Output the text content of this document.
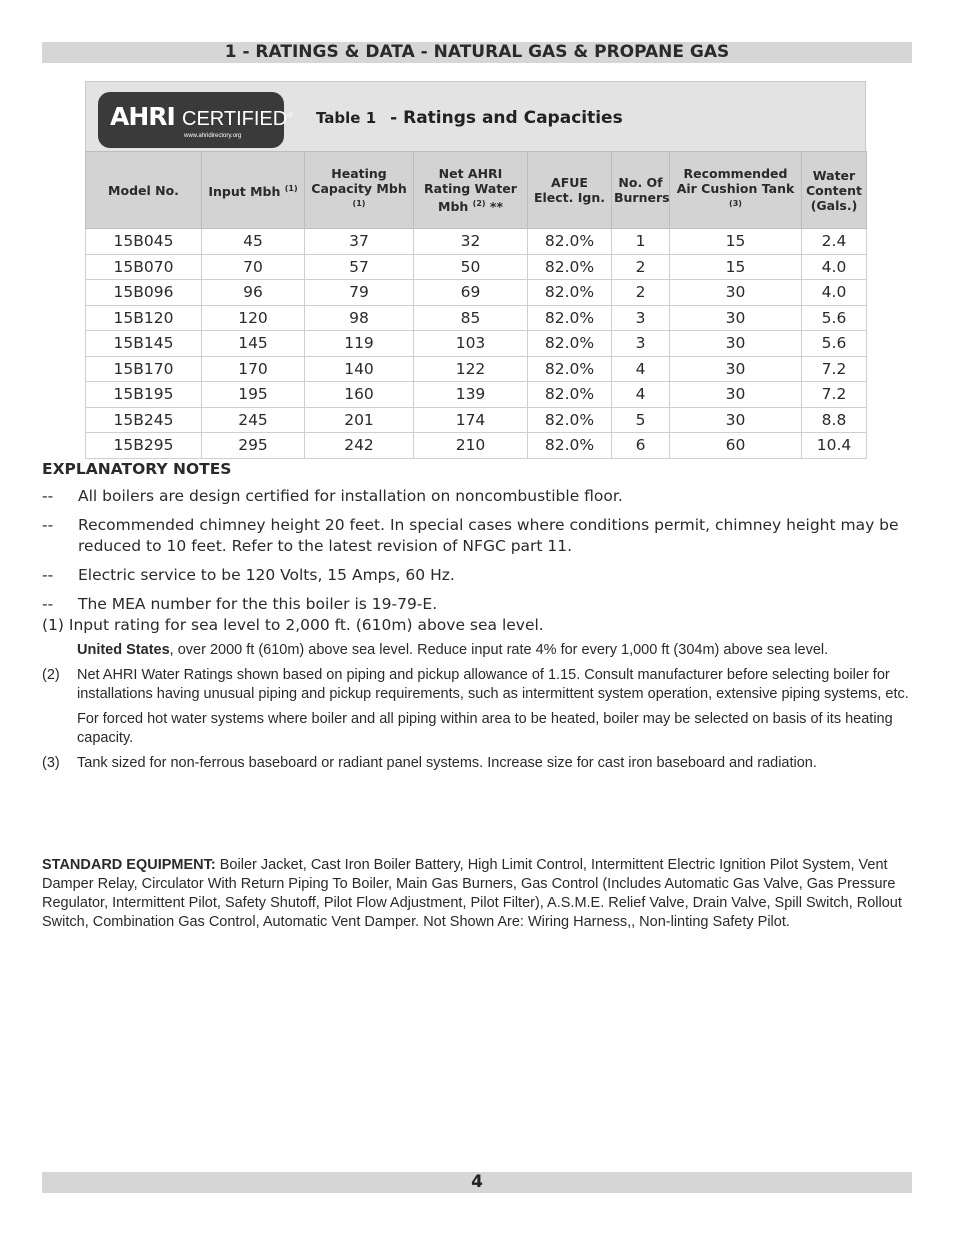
1 - RATINGS & DATA - NATURAL GAS & PROPANE GAS
AHRI CERTIFIED®
www.ahridirectory.org
Table 1 - Ratings and Capacities
Model No.	Input Mbh $^{(1)}$	Heating Capacity Mbh $^{(1)}$	Net AHRI Rating Water Mbh $^{(2)}$ **	AFUE Elect. Ign.	No. Of Burners	Recommended Air Cushion Tank $^{(3)}$	Water Content (Gals.)
15B045	45	37	32	82.0%	1	15	2.4
15B070	70	57	50	82.0%	2	15	4.0
15B096	96	79	69	82.0%	2	30	4.0
15B120	120	98	85	82.0%	3	30	5.6
15B145	145	119	103	82.0%	3	30	5.6
15B170	170	140	122	82.0%	4	30	7.2
15B195	195	160	139	82.0%	4	30	7.2
15B245	245	201	174	82.0%	5	30	8.8
15B295	295	242	210	82.0%	6	60	10.4
EXPLANATORY NOTES
--	All boilers are design certified for installation on noncombustible floor.
--	Recommended chimney height 20 feet. In special cases where conditions permit, chimney height may be reduced to 10 feet. Refer to the latest revision of NFGC part 11.
--	Electric service to be 120 Volts, 15 Amps, 60 Hz.
--	The MEA number for the this boiler is 19-79-E.
(1) Input rating for sea level to 2,000 ft. (610m) above sea level.
United States, over 2000 ft (610m) above sea level. Reduce input rate 4% for every 1,000 ft (304m) above sea level.
(2)	Net AHRI Water Ratings shown based on piping and pickup allowance of 1.15. Consult manufacturer before selecting boiler for installations having unusual piping and pickup requirements, such as intermittent system operation, extensive piping systems, etc.
For forced hot water systems where boiler and all piping within area to be heated, boiler may be selected on basis of its heating capacity.
(3)	Tank sized for non-ferrous baseboard or radiant panel systems. Increase size for cast iron baseboard and radiation.
STANDARD EQUIPMENT: Boiler Jacket, Cast Iron Boiler Battery, High Limit Control, Intermittent Electric Ignition Pilot System, Vent Damper Relay, Circulator With Return Piping To Boiler, Main Gas Burners, Gas Control (Includes Automatic Gas Valve, Gas Pressure Regulator, Intermittent Pilot, Safety Shutoff, Pilot Flow Adjustment, Pilot Filter), A.S.M.E. Relief Valve, Drain Valve, Spill Switch, Rollout Switch, Combination Gas Control, Automatic Vent Damper. Not Shown Are: Wiring Harness,, Non-linting Safety Pilot.
4
